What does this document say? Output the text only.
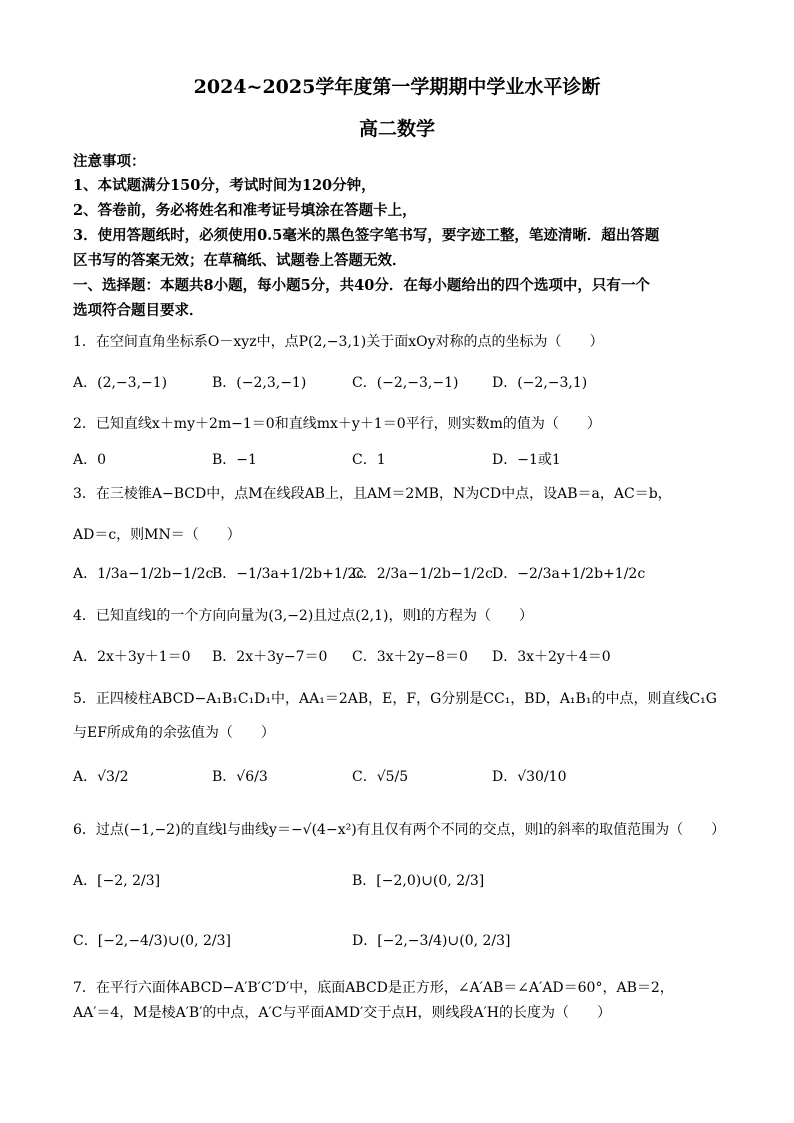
2024~2025学年度第一学期期中学业水平诊断
高二数学
注意事项：
1、本试题满分150分，考试时间为120分钟，
2、答卷前，务必将姓名和准考证号填涂在答题卡上，
3．使用答题纸时，必须使用0.5毫米的黑色签字笔书写，要字迹工整，笔迹清晰．超出答题
区书写的答案无效；在草稿纸、试题卷上答题无效．
一、选择题：本题共8小题，每小题5分，共40分．在每小题给出的四个选项中，只有一个
选项符合题目要求．
1．在空间直角坐标系O－xyz中，点P(2,−3,1)关于面xOy对称的点的坐标为（　　）
A．(2,−3,−1)	B．(−2,3,−1)	C．(−2,−3,−1) D．(−2,−3,1)
2．已知直线x＋my＋2m−1＝0和直线mx＋y＋1＝0平行，则实数m的值为（　　）
A．0	B．−1	C．1	D．−1或1
3．在三棱锥A−BCD中，点M在线段AB上，且AM＝2MB，N为CD中点，设AB＝a，AC＝b，
AD＝c，则MN＝（　　）
A．1/3a−1/2b−1/2c
B．−1/3a+1/2b+1/2c
C．2/3a−1/2b−1/2c D．−2/3a+1/2b+1/2c
4．已知直线l的一个方向向量为(3,−2)且过点(2,1)，则l的方程为（　　）
A．2x＋3y＋1＝0 B．2x＋3y−7＝0 C．3x＋2y−8＝0 D．3x＋2y＋4＝0
5．正四棱柱ABCD−A₁B₁C₁D₁中，AA₁＝2AB，E，F，G分别是CC₁，BD，A₁B₁的中点，则直线C₁G
与EF所成角的余弦值为（　　）
A．√3/2	B．√6/3	C．√5/5	D．√30/10
6．过点(−1,−2)的直线l与曲线y＝−√(4−x²)有且仅有两个不同的交点，则l的斜率的取值范围为（　　）
A．[−2, 2/3]	B．[−2,0)∪(0, 2/3]
C．[−2,−4/3)∪(0, 2/3]	D．[−2,−3/4)∪(0, 2/3]
7．在平行六面体ABCD−A′B′C′D′中，底面ABCD是正方形，∠A′AB＝∠A′AD＝60°，AB＝2，
AA′＝4，M是棱A′B′的中点，A′C与平面AMD′交于点H，则线段A′H的长度为（　　）
